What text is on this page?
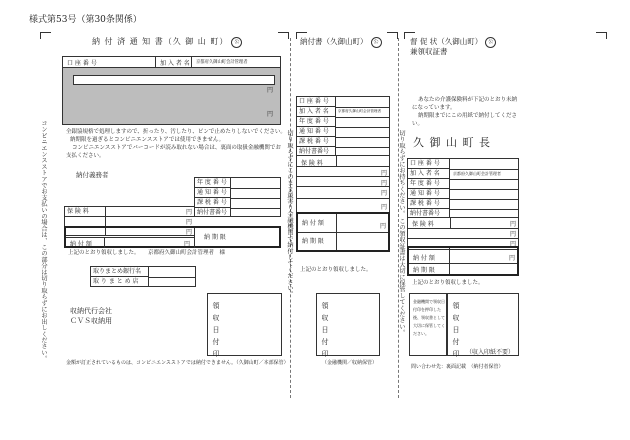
様式第53号（第30条関係）
納 付 済 通 知 書（久 御 山 町） 公
口 座 番 号	加 入 者 名 京都府久御山町会計管理者
円
円
全銀協規格で処理しますので、折ったり、汚したり、ピンで止めたりしないでください。
納期限を過ぎるとコンビニエンスストアでは使用できません。
コンビニエンスストアでバーコードが読み取れない場合は、裏面の取扱金融機関でお
支払ください。
コンビニエンスストアでお支払いの場合は、この部分は切り取らずにお出しください。	納付義務者
年 度 番 号
通 知 番 号
課 税 番 号
納付書番号
保 険 料	円
円
円
納 付 額	円
納 期 限
上記のとおり領収しました。 京都府久御山町会計管理者　様
取りまとめ銀行名
取 り ま と め 店
収納代行会社
ＣＶＳ収納用	領収日付印
金額が訂正されているものは、コンビニエンスストアでは納付できません。（久御山町／本部保管）
納付書（久御山町） 公
口 座 番 号
加 入 者 名
年 度 番 号
通 知 番 号
課 税 番 号
納付書番号
京都府久御山町会計管理者
保 険 料
円
円
円
円
納 付 額	円
納 期 限
切り取らずにこのまま最寄り金融機関で納付してください。 上記のとおり領収しました。
領収日付印
（金融機関／収納保管）
督 促 状（久御山町） 公
兼領収証書
あなたの介護保険料が下記のとおり未納
になっています。
納期限までにこの用紙で納付してくださ
い。
久 御 山 町 長
切り取らずにお持ちください。
この領収証書は大切に保管してください。
口 座 番 号
加 入 者 名
年 度 番 号
通 知 番 号
課 税 番 号
納付書番号
京都府久御山町会計管理者
保 険 料	円
円
円
納 付 額	円
納 期 限
上記のとおり領収しました。
金融機関で領収日付印を押印した後、領収書として大切に保管してください。	領収日付印 （収入印紙不要）
問い合わせ先：裏面記載　（納付者保管）
